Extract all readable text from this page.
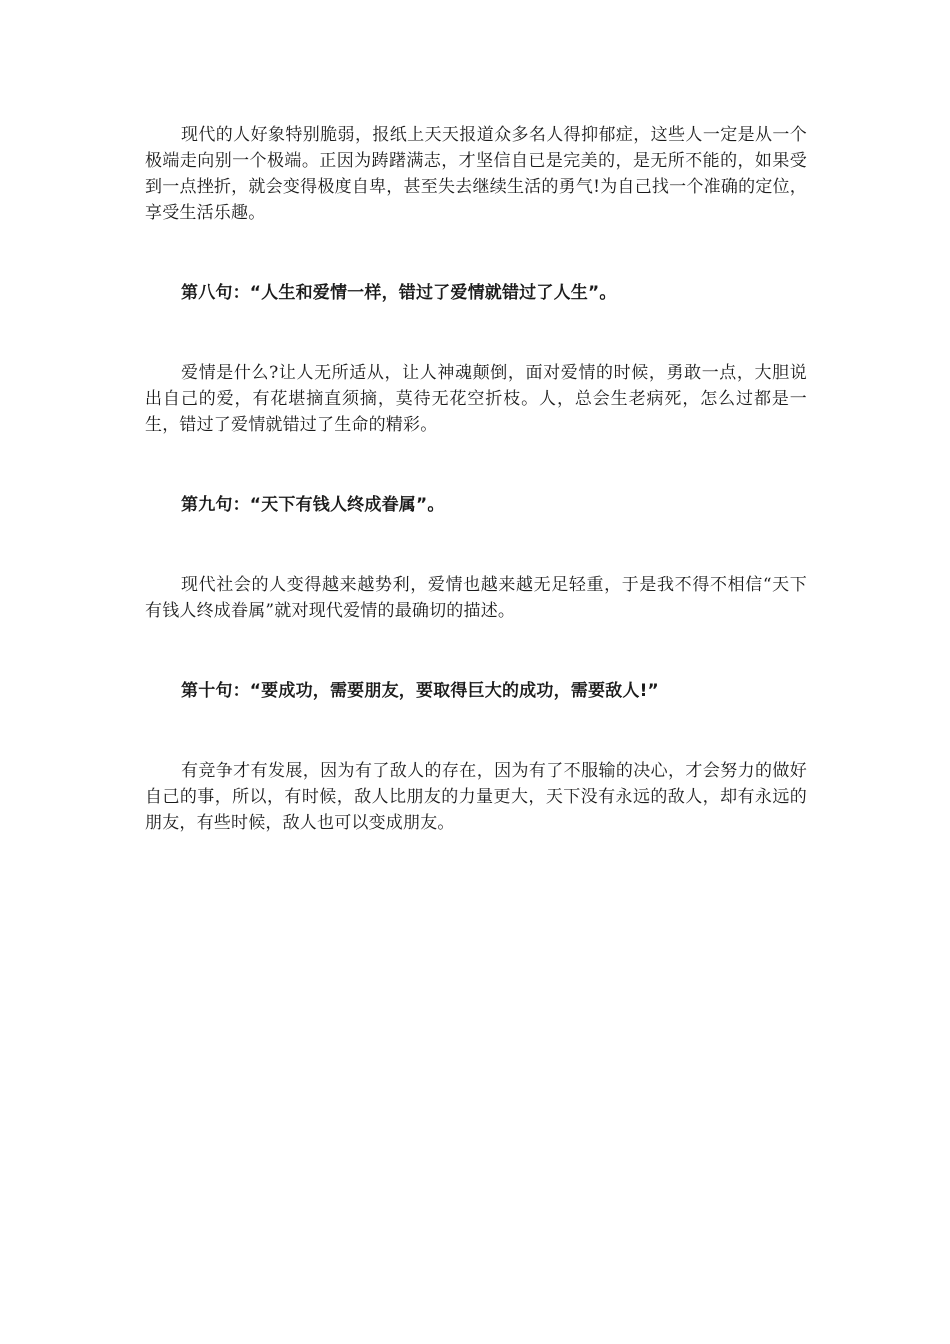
现代的人好象特别脆弱，报纸上天天报道众多名人得抑郁症，这些人一定是从一个极端走向别一个极端。正因为踌躇满志，才坚信自已是完美的，是无所不能的，如果受到一点挫折，就会变得极度自卑，甚至失去继续生活的勇气!为自己找一个准确的定位，享受生活乐趣。

第八句：“人生和爱情一样，错过了爱情就错过了人生”。

爱情是什么?让人无所适从，让人神魂颠倒，面对爱情的时候，勇敢一点，大胆说出自己的爱，有花堪摘直须摘，莫待无花空折枝。人，总会生老病死，怎么过都是一生，错过了爱情就错过了生命的精彩。

第九句：“天下有钱人终成眷属”。

现代社会的人变得越来越势利，爱情也越来越无足轻重，于是我不得不相信“天下有钱人终成眷属”就对现代爱情的最确切的描述。

第十句：“要成功，需要朋友，要取得巨大的成功，需要敌人!”

有竞争才有发展，因为有了敌人的存在，因为有了不服输的决心，才会努力的做好自己的事，所以，有时候，敌人比朋友的力量更大，天下没有永远的敌人，却有永远的朋友，有些时候，敌人也可以变成朋友。
